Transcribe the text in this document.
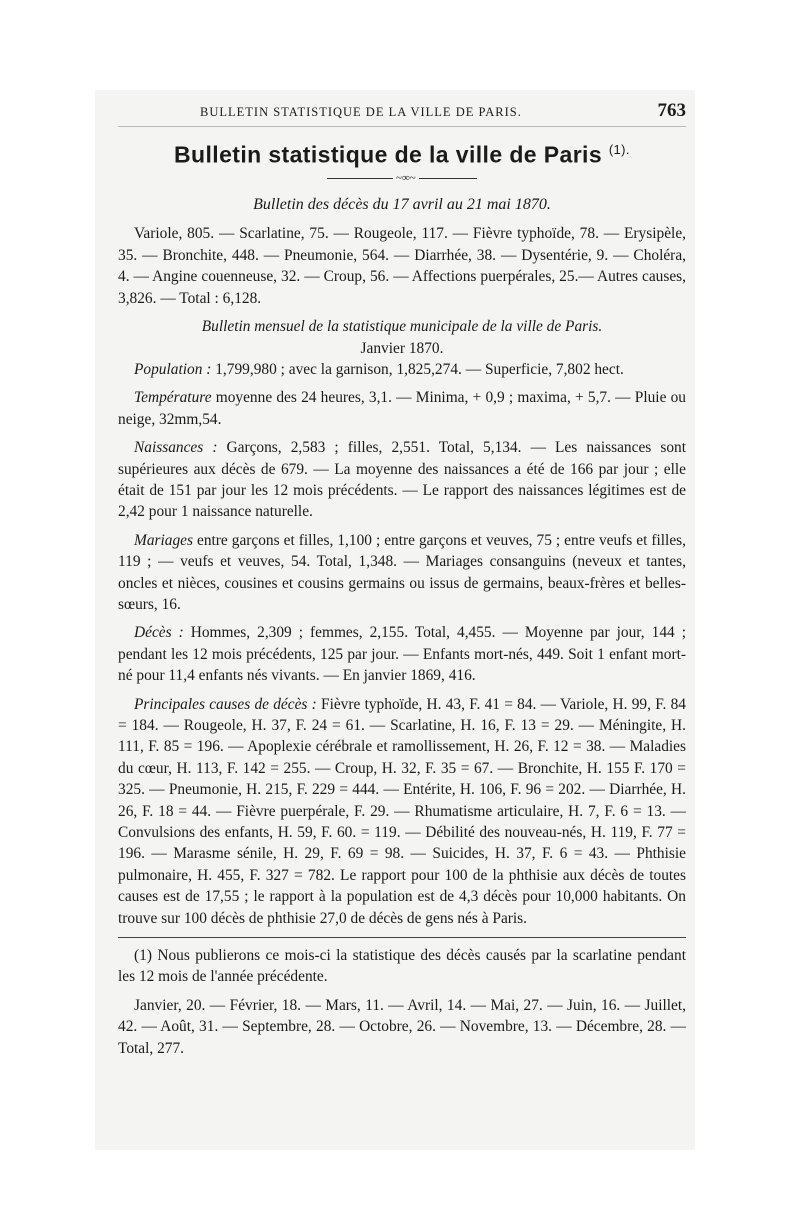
BULLETIN STATISTIQUE DE LA VILLE DE PARIS.	763
Bulletin statistique de la ville de Paris $^{(1).}$
~∞~
Bulletin des décès du 17 avril au 21 mai 1870.

Variole, 805. — Scarlatine, 75. — Rougeole, 117. — Fièvre typhoïde, 78. — Erysipèle, 35. — Bronchite, 448. — Pneumonie, 564. — Diarrhée, 38. — Dysentérie, 9. — Choléra, 4. — Angine couenneuse, 32. — Croup, 56. — Affections puerpérales, 25.— Autres causes, 3,826. — Total : 6,128.

Bulletin mensuel de la statistique municipale de la ville de Paris.

Janvier 1870.

Population : 1,799,980 ; avec la garnison, 1,825,274. — Superficie, 7,802 hect.

Température moyenne des 24 heures, 3,1. — Minima, + 0,9 ; maxima, + 5,7. — Pluie ou neige, 32mm,54.

Naissances : Garçons, 2,583 ; filles, 2,551. Total, 5,134. — Les naissances sont supérieures aux décès de 679. — La moyenne des naissances a été de 166 par jour ; elle était de 151 par jour les 12 mois précédents. — Le rapport des naissances légitimes est de 2,42 pour 1 naissance naturelle.

Mariages entre garçons et filles, 1,100 ; entre garçons et veuves, 75 ; entre veufs et filles, 119 ; — veufs et veuves, 54. Total, 1,348. — Mariages consanguins (neveux et tantes, oncles et nièces, cousines et cousins germains ou issus de germains, beaux-frères et belles-sœurs, 16.

Décès : Hommes, 2,309 ; femmes, 2,155. Total, 4,455. — Moyenne par jour, 144 ; pendant les 12 mois précédents, 125 par jour. — Enfants mort-nés, 449. Soit 1 enfant mort-né pour 11,4 enfants nés vivants. — En janvier 1869, 416.

Principales causes de décès : Fièvre typhoïde, H. 43, F. 41 = 84. — Variole, H. 99, F. 84 = 184. — Rougeole, H. 37, F. 24 = 61. — Scarlatine, H. 16, F. 13 = 29. — Méningite, H. 111, F. 85 = 196. — Apoplexie cérébrale et ramollissement, H. 26, F. 12 = 38. — Maladies du cœur, H. 113, F. 142 = 255. — Croup, H. 32, F. 35 = 67. — Bronchite, H. 155 F. 170 = 325. — Pneumonie, H. 215, F. 229 = 444. — Entérite, H. 106, F. 96 = 202. — Diarrhée, H. 26, F. 18 = 44. — Fièvre puerpérale, F. 29. — Rhumatisme articulaire, H. 7, F. 6 = 13. — Convulsions des enfants, H. 59, F. 60. = 119. — Débilité des nouveau-nés, H. 119, F. 77 = 196. — Marasme sénile, H. 29, F. 69 = 98. — Suicides, H. 37, F. 6 = 43. — Phthisie pulmonaire, H. 455, F. 327 = 782. Le rapport pour 100 de la phthisie aux décès de toutes causes est de 17,55 ; le rapport à la population est de 4,3 décès pour 10,000 habitants. On trouve sur 100 décès de phthisie 27,0 de décès de gens nés à Paris.

(1) Nous publierons ce mois-ci la statistique des décès causés par la scarlatine pendant les 12 mois de l'année précédente.

Janvier, 20. — Février, 18. — Mars, 11. — Avril, 14. — Mai, 27. — Juin, 16. — Juillet, 42. — Août, 31. — Septembre, 28. — Octobre, 26. — Novembre, 13. — Décembre, 28. — Total, 277.
